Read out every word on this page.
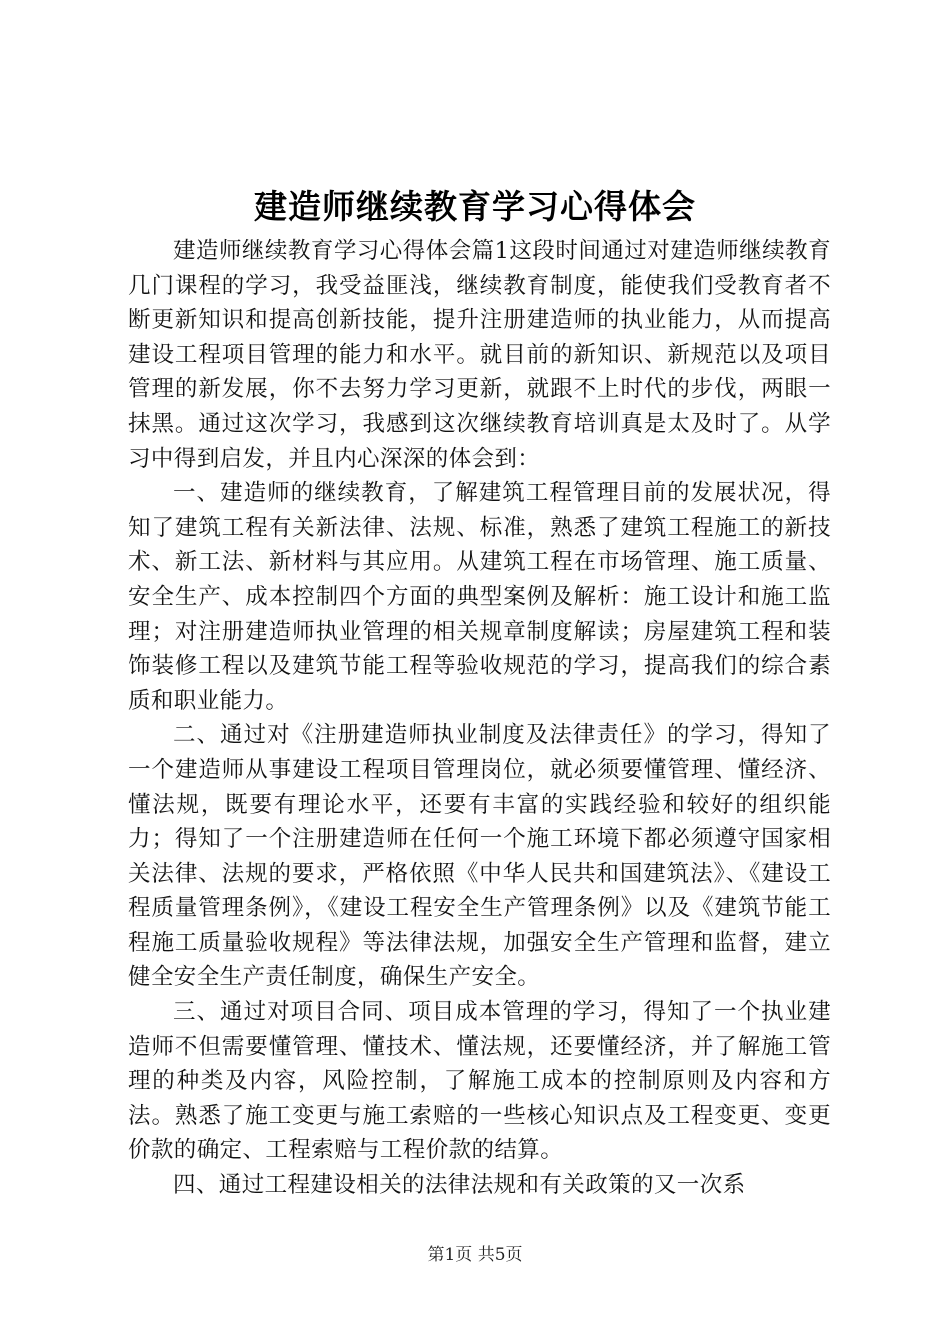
建造师继续教育学习心得体会

建造师继续教育学习心得体会篇1这段时间通过对建造师继续教育几门课程的学习，我受益匪浅，继续教育制度，能使我们受教育者不断更新知识和提高创新技能，提升注册建造师的执业能力，从而提高建设工程项目管理的能力和水平。就目前的新知识、新规范以及项目管理的新发展，你不去努力学习更新，就跟不上时代的步伐，两眼一抹黑。通过这次学习，我感到这次继续教育培训真是太及时了。从学习中得到启发，并且内心深深的体会到：

一、建造师的继续教育，了解建筑工程管理目前的发展状况，得知了建筑工程有关新法律、法规、标准，熟悉了建筑工程施工的新技术、新工法、新材料与其应用。从建筑工程在市场管理、施工质量、安全生产、成本控制四个方面的典型案例及解析：施工设计和施工监理；对注册建造师执业管理的相关规章制度解读；房屋建筑工程和装饰装修工程以及建筑节能工程等验收规范的学习，提高我们的综合素质和职业能力。

二、通过对《注册建造师执业制度及法律责任》的学习，得知了一个建造师从事建设工程项目管理岗位，就必须要懂管理、懂经济、懂法规，既要有理论水平，还要有丰富的实践经验和较好的组织能力；得知了一个注册建造师在任何一个施工环境下都必须遵守国家相关法律、法规的要求，严格依照《中华人民共和国建筑法》、《建设工程质量管理条例》，《建设工程安全生产管理条例》以及《建筑节能工程施工质量验收规程》等法律法规，加强安全生产管理和监督，建立健全安全生产责任制度，确保生产安全。

三、通过对项目合同、项目成本管理的学习，得知了一个执业建造师不但需要懂管理、懂技术、懂法规，还要懂经济，并了解施工管理的种类及内容，风险控制，了解施工成本的控制原则及内容和方法。熟悉了施工变更与施工索赔的一些核心知识点及工程变更、变更价款的确定、工程索赔与工程价款的结算。

四、通过工程建设相关的法律法规和有关政策的又一次系

第1页 共5页
